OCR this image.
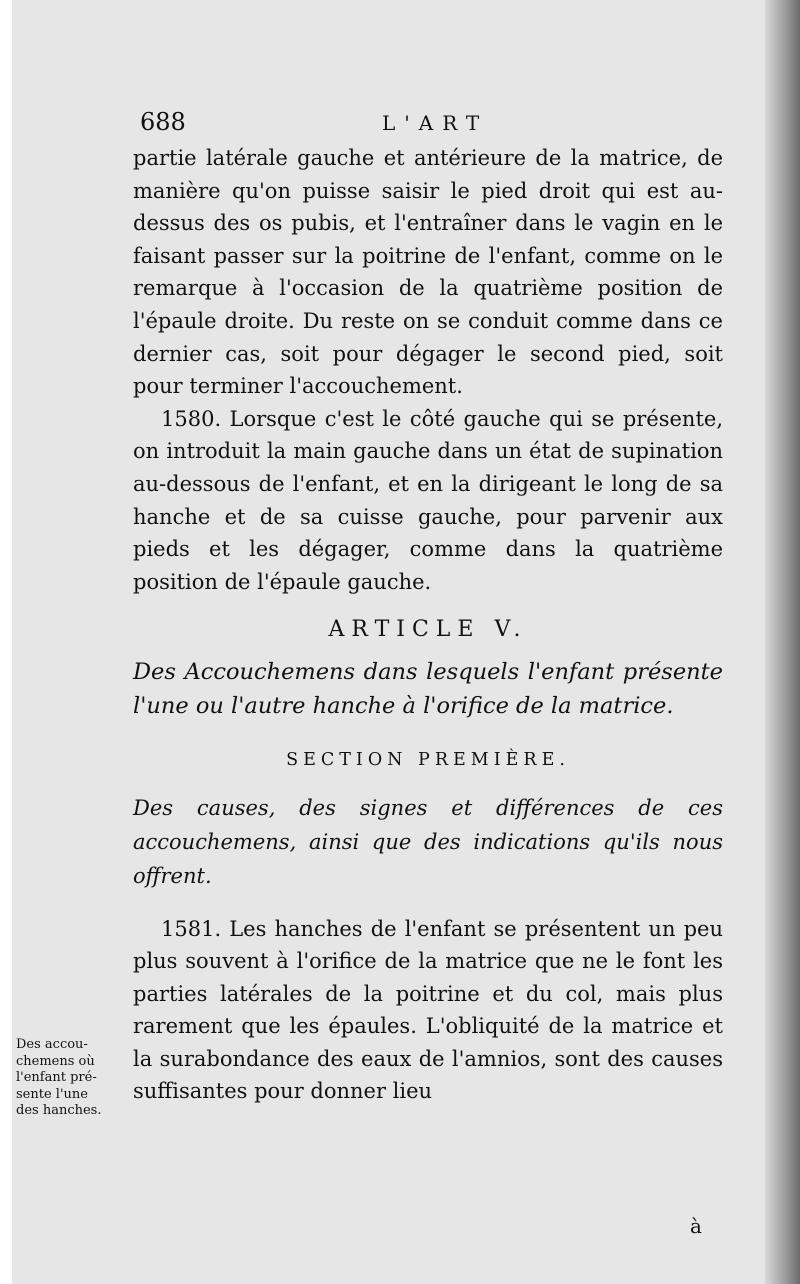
688	L'ART

partie latérale gauche et antérieure de la matrice, de manière qu'on puisse saisir le pied droit qui est au-dessus des os pubis, et l'entraîner dans le vagin en le faisant passer sur la poitrine de l'enfant, comme on le remarque à l'occasion de la quatrième position de l'épaule droite. Du reste on se conduit comme dans ce dernier cas, soit pour dégager le second pied, soit pour terminer l'accouchement.

1580. Lorsque c'est le côté gauche qui se présente, on introduit la main gauche dans un état de supination au-dessous de l'enfant, et en la dirigeant le long de sa hanche et de sa cuisse gauche, pour parvenir aux pieds et les dégager, comme dans la quatrième position de l'épaule gauche.

ARTICLE V.
Des Accouchemens dans lesquels l'enfant présente l'une ou l'autre hanche à l'orifice de la matrice.
SECTION PREMIÈRE.
Des causes, des signes et différences de ces accouchemens, ainsi que des indications qu'ils nous offrent.

1581. Les hanches de l'enfant se présentent un peu plus souvent à l'orifice de la matrice que ne le font les parties latérales de la poitrine et du col, mais plus rarement que les épaules. L'obliquité de la matrice et la surabondance des eaux de l'amnios, sont des causes suffisantes pour donner lieu

Des accou-
chemens où
l'enfant pré-
sente l'une
des hanches.
à
